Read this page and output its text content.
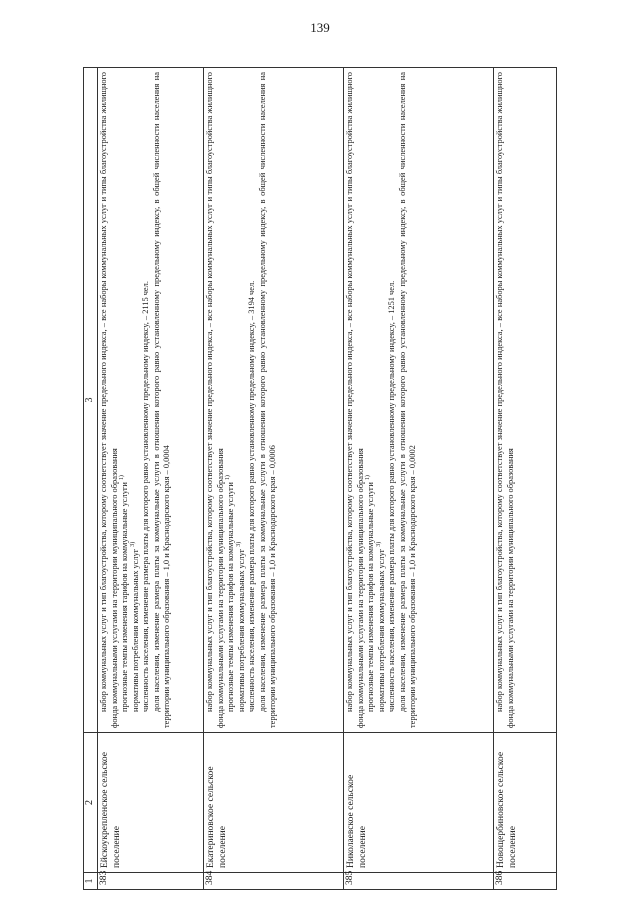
139
1	2	3
383	Ейскоукрепленское сельское поселение	набор коммунальных услуг и тип благоустройства, которому соответствует значение предельного индекса, – все наборы коммунальных услуг и типы благоустройства жилищного фонда коммунальными услугами на территории муниципального образования прогнозные темпы изменения тарифов на коммунальные услуги $^{1)}$

нормативы потребления коммунальных услуг $^{3)}$ численность населения, изменение размера платы для которого равно установленному предельному индексу, – 2115 чел. доля населения, изменение размера платы за коммунальные услуги в отношении которого равно установленному предельному индексу, в общей численности населения на территории муниципального образования – 1,0 и Краснодарского края – 0,0004

384	Екатериновское сельское поселение	набор коммунальных услуг и тип благоустройства, которому соответствует значение предельного индекса, – все наборы коммунальных услуг и типы благоустройства жилищного фонда коммунальными услугами на территории муниципального образования прогнозные темпы изменения тарифов на коммунальные услуги $^{1)}$

нормативы потребления коммунальных услуг $^{3)}$ численность населения, изменение размера платы для которого равно установленному предельному индексу, – 3194 чел. доля населения, изменение размера платы за коммунальные услуги в отношении которого равно установленному предельному индексу, в общей численности населения на территории муниципального образования – 1,0 и Краснодарского края – 0,0006

385	Николаевское сельское поселение	набор коммунальных услуг и тип благоустройства, которому соответствует значение предельного индекса, – все наборы коммунальных услуг и типы благоустройства жилищного фонда коммунальными услугами на территории муниципального образования прогнозные темпы изменения тарифов на коммунальные услуги $^{1)}$

нормативы потребления коммунальных услуг $^{3)}$ численность населения, изменение размера платы для которого равно установленному предельному индексу, – 1251 чел. доля населения, изменение размера платы за коммунальные услуги в отношении которого равно установленному предельному индексу, в общей численности населения на территории муниципального образования – 1,0 и Краснодарского края – 0,0002

386	Новощербиновское сельское поселение	набор коммунальных услуг и тип благоустройства, которому соответствует значение предельного индекса, – все наборы коммунальных услуг и типы благоустройства жилищного фонда коммунальными услугами на территории муниципального образования
